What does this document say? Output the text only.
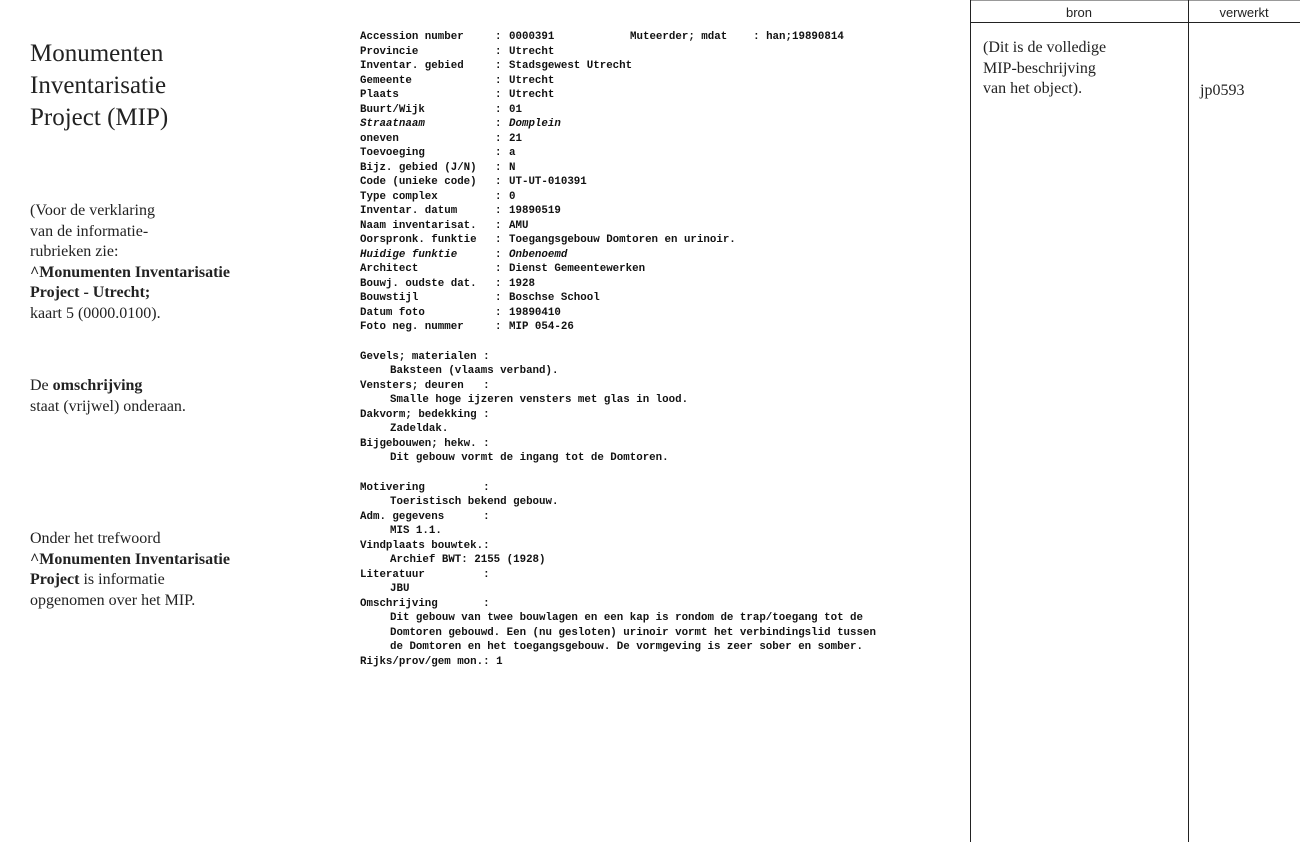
Monumenten
Inventarisatie
Project (MIP)
(Voor de verklaring
van de informatie-
rubrieken zie:
^Monumenten Inventarisatie
Project - Utrecht;
kaart 5 (0000.0100).
De omschrijving
staat (vrijwel) onderaan.
Onder het trefwoord
^Monumenten Inventarisatie
Project is informatie
opgenomen over het MIP.
Muteerder; mdat    : han;19890814
Accession number	: 0000391
Provincie	: Utrecht
Inventar. gebied	: Stadsgewest Utrecht
Gemeente	: Utrecht
Plaats	: Utrecht
Buurt/Wijk	: 01
Straatnaam	: Domplein
oneven	: 21
Toevoeging	: a
Bijz. gebied (J/N) : N
Code (unieke code) : UT-UT-010391
Type complex	: 0
Inventar. datum	: 19890519
Naam inventarisat. : AMU
Oorspronk. funktie : Toegangsgebouw Domtoren en urinoir.
Huidige funktie	: Onbenoemd
Architect	: Dienst Gemeentewerken
Bouwj. oudste dat. : 1928
Bouwstijl	: Boschse School
Datum foto	: 19890410
Foto neg. nummer	: MIP 054-26
Gevels; materialen :
Baksteen (vlaams verband).
Vensters; deuren   :
Smalle hoge ijzeren vensters met glas in lood.
Dakvorm; bedekking :
Zadeldak.
Bijgebouwen; hekw. :
Dit gebouw vormt de ingang tot de Domtoren.
Motivering         :
Toeristisch bekend gebouw.
Adm. gegevens      :
MIS 1.1.
Vindplaats bouwtek.:
Archief BWT: 2155 (1928)
Literatuur         :
JBU
Omschrijving       :
Dit gebouw van twee bouwlagen en een kap is rondom de trap/toegang tot de
Domtoren gebouwd. Een (nu gesloten) urinoir vormt het verbindingslid tussen
de Domtoren en het toegangsgebouw. De vormgeving is zeer sober en somber.
Rijks/prov/gem mon.: 1
bron	verwerkt
(Dit is de volledige
MIP-beschrijving
van het object).	jp0593
